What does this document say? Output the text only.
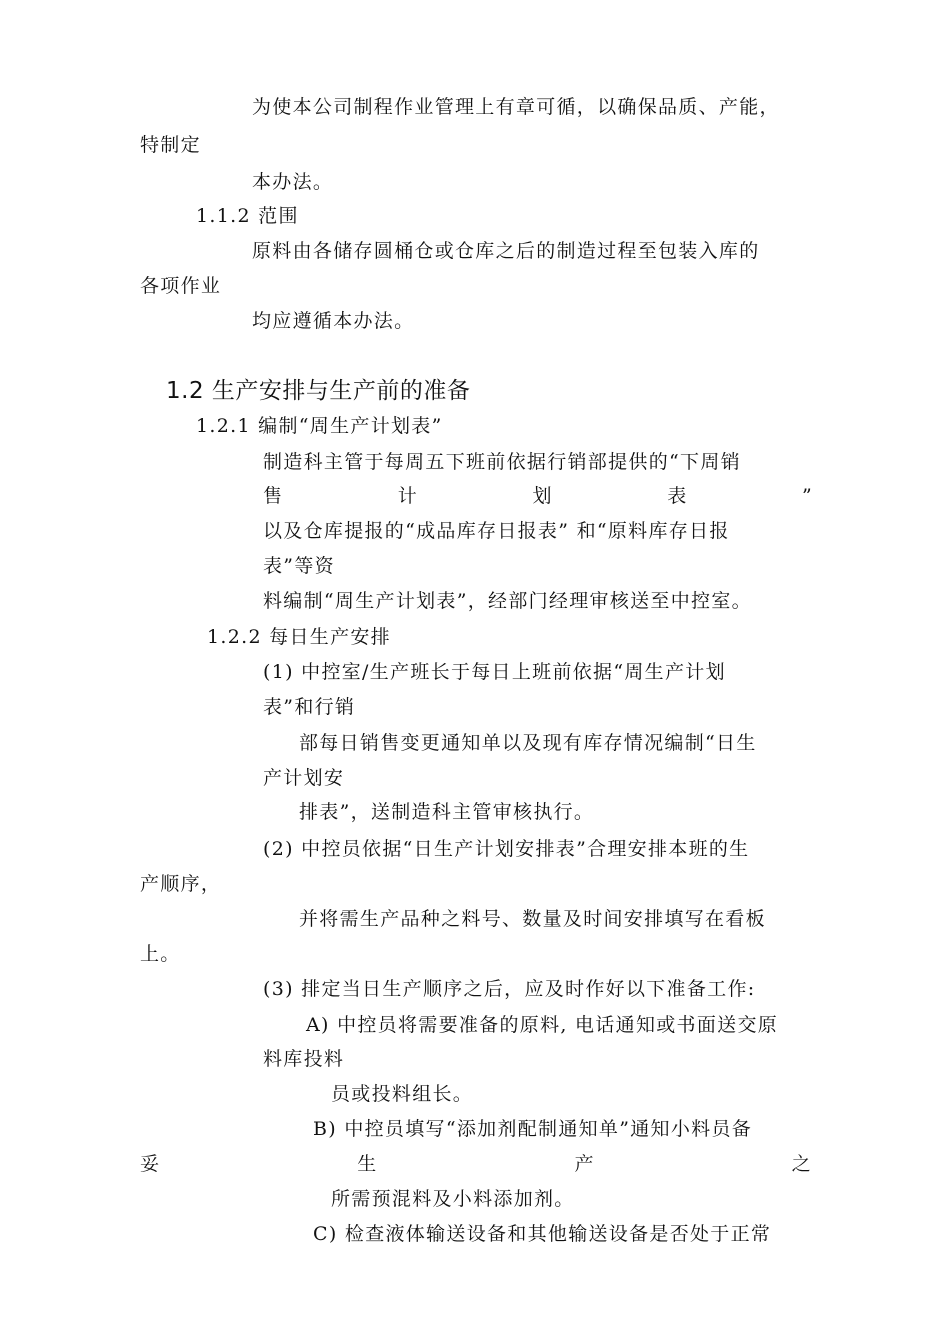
为使本公司制程作业管理上有章可循，以确保品质、产能，
特制定
本办法。
1.1.2 范围
原料由各储存圆桶仓或仓库之后的制造过程至包装入库的
各项作业
均应遵循本办法。
1.2 生产安排与生产前的准备
1.2.1 编制“周生产计划表”
制造科主管于每周五下班前依据行销部提供的“下周销
售	计	划	表	”
以及仓库提报的“成品库存日报表” 和“原料库存日报
表”等资
料编制“周生产计划表”，经部门经理审核送至中控室。
1.2.2 每日生产安排
(1) 中控室/生产班长于每日上班前依据“周生产计划
表”和行销
部每日销售变更通知单以及现有库存情况编制“日生
产计划安
排表”，送制造科主管审核执行。
(2) 中控员依据“日生产计划安排表”合理安排本班的生
产顺序，
并将需生产品种之料号、数量及时间安排填写在看板
上。
(3) 排定当日生产顺序之后，应及时作好以下准备工作:
A) 中控员将需要准备的原料, 电话通知或书面送交原
料库投料
员或投料组长。
B) 中控员填写“添加剂配制通知单”通知小料员备
妥	生	产	之
所需预混料及小料添加剂。
C) 检查液体输送设备和其他输送设备是否处于正常
